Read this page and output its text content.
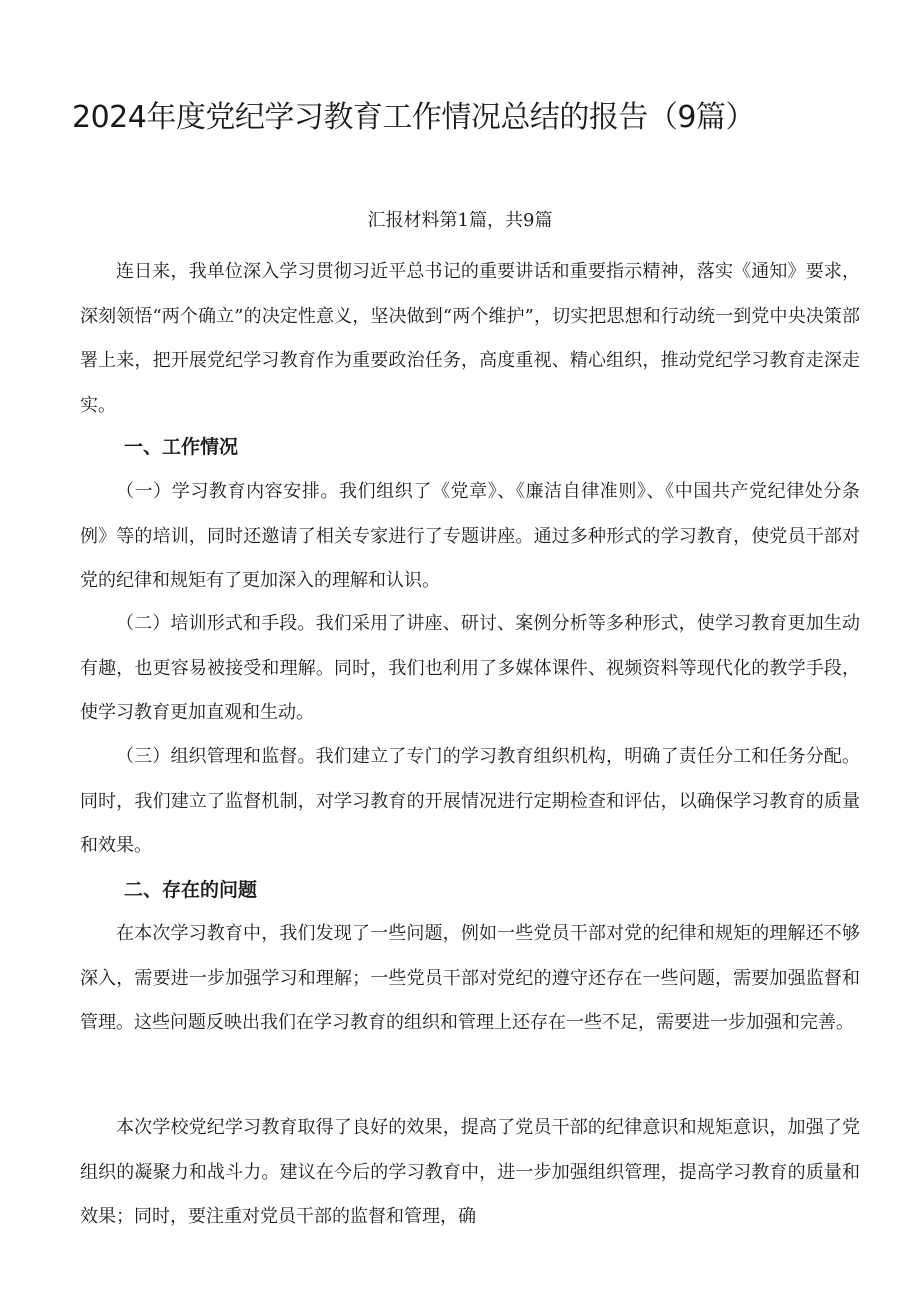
2024年度党纪学习教育工作情况总结的报告（9篇）

汇报材料第1篇，共9篇

连日来，我单位深入学习贯彻习近平总书记的重要讲话和重要指示精神，落实《通知》要求，深刻领悟“两个确立”的决定性意义，坚决做到“两个维护”，切实把思想和行动统一到党中央决策部署上来，把开展党纪学习教育作为重要政治任务，高度重视、精心组织，推动党纪学习教育走深走实。

一、工作情况

（一）学习教育内容安排。我们组织了《党章》、《廉洁自律准则》、《中国共产党纪律处分条例》等的培训，同时还邀请了相关专家进行了专题讲座。通过多种形式的学习教育，使党员干部对党的纪律和规矩有了更加深入的理解和认识。

（二）培训形式和手段。我们采用了讲座、研讨、案例分析等多种形式，使学习教育更加生动有趣，也更容易被接受和理解。同时，我们也利用了多媒体课件、视频资料等现代化的教学手段，使学习教育更加直观和生动。

（三）组织管理和监督。我们建立了专门的学习教育组织机构，明确了责任分工和任务分配。同时，我们建立了监督机制，对学习教育的开展情况进行定期检查和评估，以确保学习教育的质量和效果。

二、存在的问题

在本次学习教育中，我们发现了一些问题，例如一些党员干部对党的纪律和规矩的理解还不够深入，需要进一步加强学习和理解；一些党员干部对党纪的遵守还存在一些问题，需要加强监督和管理。这些问题反映出我们在学习教育的组织和管理上还存在一些不足，需要进一步加强和完善。

本次学校党纪学习教育取得了良好的效果，提高了党员干部的纪律意识和规矩意识，加强了党组织的凝聚力和战斗力。建议在今后的学习教育中，进一步加强组织管理，提高学习教育的质量和效果；同时，要注重对党员干部的监督和管理，确
